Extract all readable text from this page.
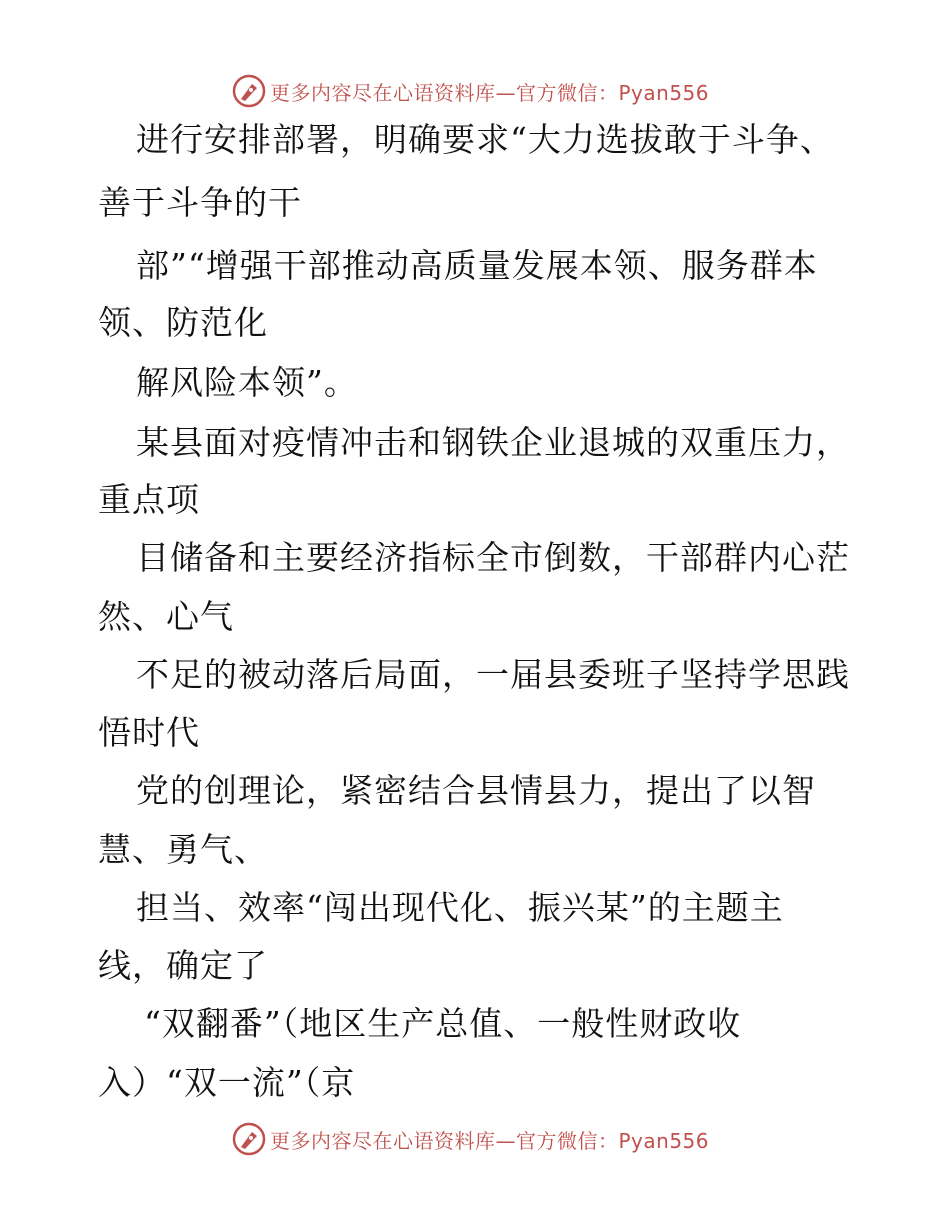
更多内容尽在心语资料库—官方微信：Pyan556
进行安排部署，明确要求“大力选拔敢于斗争、
善于斗争的干
部”“增强干部推动高质量发展本领、服务群本
领、防范化
解风险本领”。
某县面对疫情冲击和钢铁企业退城的双重压力，
重点项
目储备和主要经济指标全市倒数，干部群内心茫
然、心气
不足的被动落后局面，一届县委班子坚持学思践
悟时代
党的创理论，紧密结合县情县力，提出了以智
慧、勇气、
担当、效率“闯出现代化、振兴某”的主题主
线，确定了
“双翻番”（地区生产总值、一般性财政收
入）“双一流”（京
更多内容尽在心语资料库—官方微信：Pyan556
